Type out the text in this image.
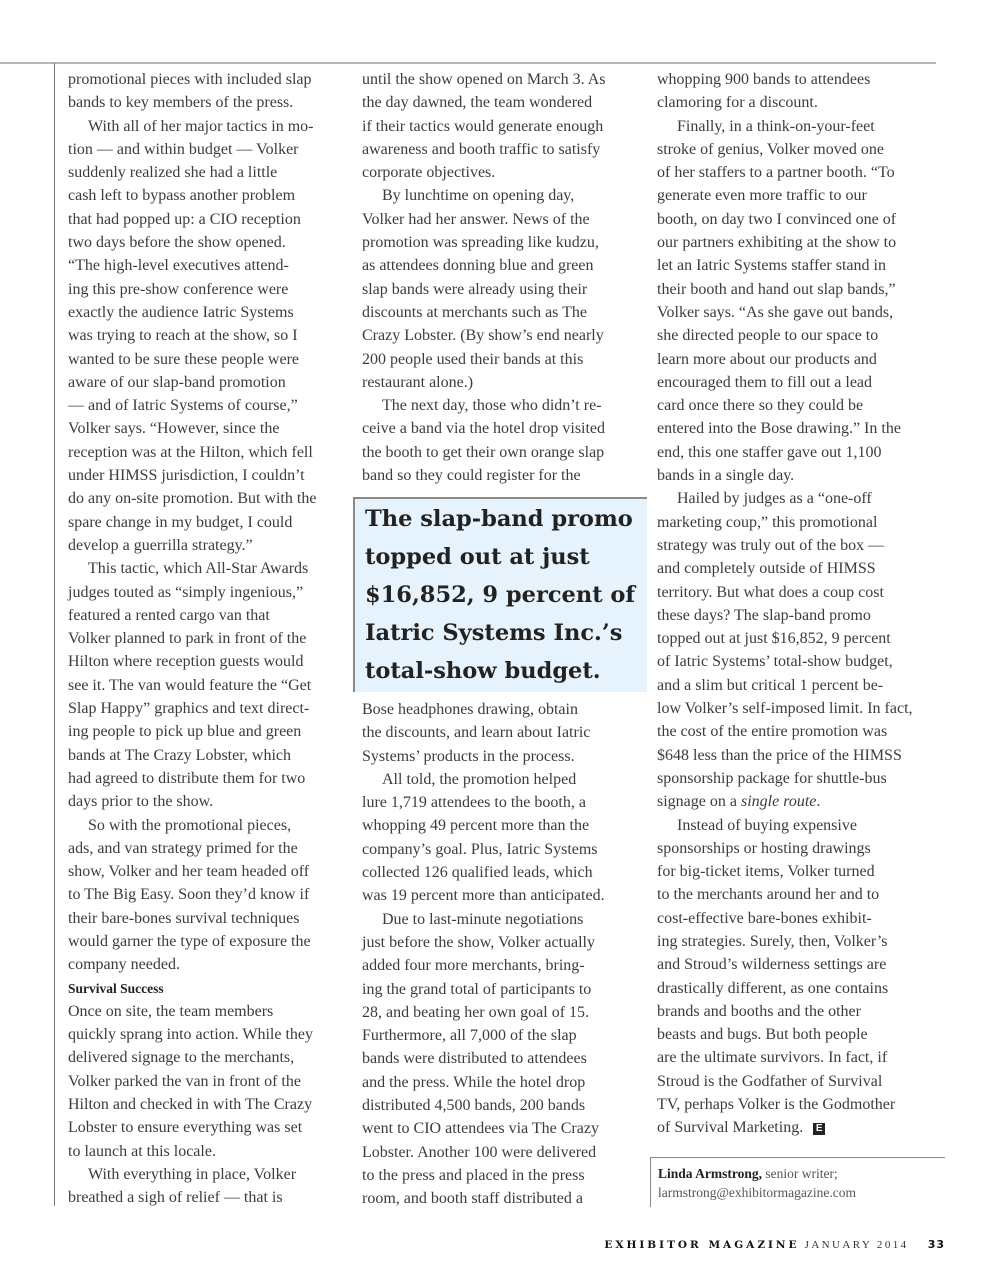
promotional pieces with included slap
bands to key members of the press.
With all of her major tactics in mo-
tion — and within budget — Volker
suddenly realized she had a little
cash left to bypass another problem
that had popped up: a CIO reception
two days before the show opened.
“The high-level executives attend-
ing this pre-show conference were
exactly the audience Iatric Systems
was trying to reach at the show, so I
wanted to be sure these people were
aware of our slap-band promotion
— and of Iatric Systems of course,”
Volker says. “However, since the
reception was at the Hilton, which fell
under HIMSS jurisdiction, I couldn’t
do any on-site promotion. But with the
spare change in my budget, I could
develop a guerrilla strategy.”
This tactic, which All-Star Awards
judges touted as “simply ingenious,”
featured a rented cargo van that
Volker planned to park in front of the
Hilton where reception guests would
see it. The van would feature the “Get
Slap Happy” graphics and text direct-
ing people to pick up blue and green
bands at The Crazy Lobster, which
had agreed to distribute them for two
days prior to the show.
So with the promotional pieces,
ads, and van strategy primed for the
show, Volker and her team headed off
to The Big Easy. Soon they’d know if
their bare-bones survival techniques
would garner the type of exposure the
company needed.
Survival Success
Once on site, the team members
quickly sprang into action. While they
delivered signage to the merchants,
Volker parked the van in front of the
Hilton and checked in with The Crazy
Lobster to ensure everything was set
to launch at this locale.
With everything in place, Volker
breathed a sigh of relief — that is
until the show opened on March 3. As
the day dawned, the team wondered
if their tactics would generate enough
awareness and booth traffic to satisfy
corporate objectives.
By lunchtime on opening day,
Volker had her answer. News of the
promotion was spreading like kudzu,
as attendees donning blue and green
slap bands were already using their
discounts at merchants such as The
Crazy Lobster. (By show’s end nearly
200 people used their bands at this
restaurant alone.)
The next day, those who didn’t re-
ceive a band via the hotel drop visited
the booth to get their own orange slap
band so they could register for the
The slap-band promo
topped out at just
$16,852, 9 percent of
Iatric Systems Inc.’s
total-show budget.
Bose headphones drawing, obtain
the discounts, and learn about Iatric
Systems’ products in the process.
All told, the promotion helped
lure 1,719 attendees to the booth, a
whopping 49 percent more than the
company’s goal. Plus, Iatric Systems
collected 126 qualified leads, which
was 19 percent more than anticipated.
Due to last-minute negotiations
just before the show, Volker actually
added four more merchants, bring-
ing the grand total of participants to
28, and beating her own goal of 15.
Furthermore, all 7,000 of the slap
bands were distributed to attendees
and the press. While the hotel drop
distributed 4,500 bands, 200 bands
went to CIO attendees via The Crazy
Lobster. Another 100 were delivered
to the press and placed in the press
room, and booth staff distributed a
whopping 900 bands to attendees
clamoring for a discount.
Finally, in a think-on-your-feet
stroke of genius, Volker moved one
of her staffers to a partner booth. “To
generate even more traffic to our
booth, on day two I convinced one of
our partners exhibiting at the show to
let an Iatric Systems staffer stand in
their booth and hand out slap bands,”
Volker says. “As she gave out bands,
she directed people to our space to
learn more about our products and
encouraged them to fill out a lead
card once there so they could be
entered into the Bose drawing.” In the
end, this one staffer gave out 1,100
bands in a single day.
Hailed by judges as a “one-off
marketing coup,” this promotional
strategy was truly out of the box —
and completely outside of HIMSS
territory. But what does a coup cost
these days? The slap-band promo
topped out at just $16,852, 9 percent
of Iatric Systems’ total-show budget,
and a slim but critical 1 percent be-
low Volker’s self-imposed limit. In fact,
the cost of the entire promotion was
$648 less than the price of the HIMSS
sponsorship package for shuttle-bus
signage on a single route.
Instead of buying expensive
sponsorships or hosting drawings
for big-ticket items, Volker turned
to the merchants around her and to
cost-effective bare-bones exhibit-
ing strategies. Surely, then, Volker’s
and Stroud’s wilderness settings are
drastically different, as one contains
brands and booths and the other
beasts and bugs. But both people
are the ultimate survivors. In fact, if
Stroud is the Godfather of Survival
TV, perhaps Volker is the Godmother
of Survival Marketing. E
Linda Armstrong, senior writer;
larmstrong@exhibitormagazine.com
EXHIBITOR MAGAZINE JANUARY 2014 33
